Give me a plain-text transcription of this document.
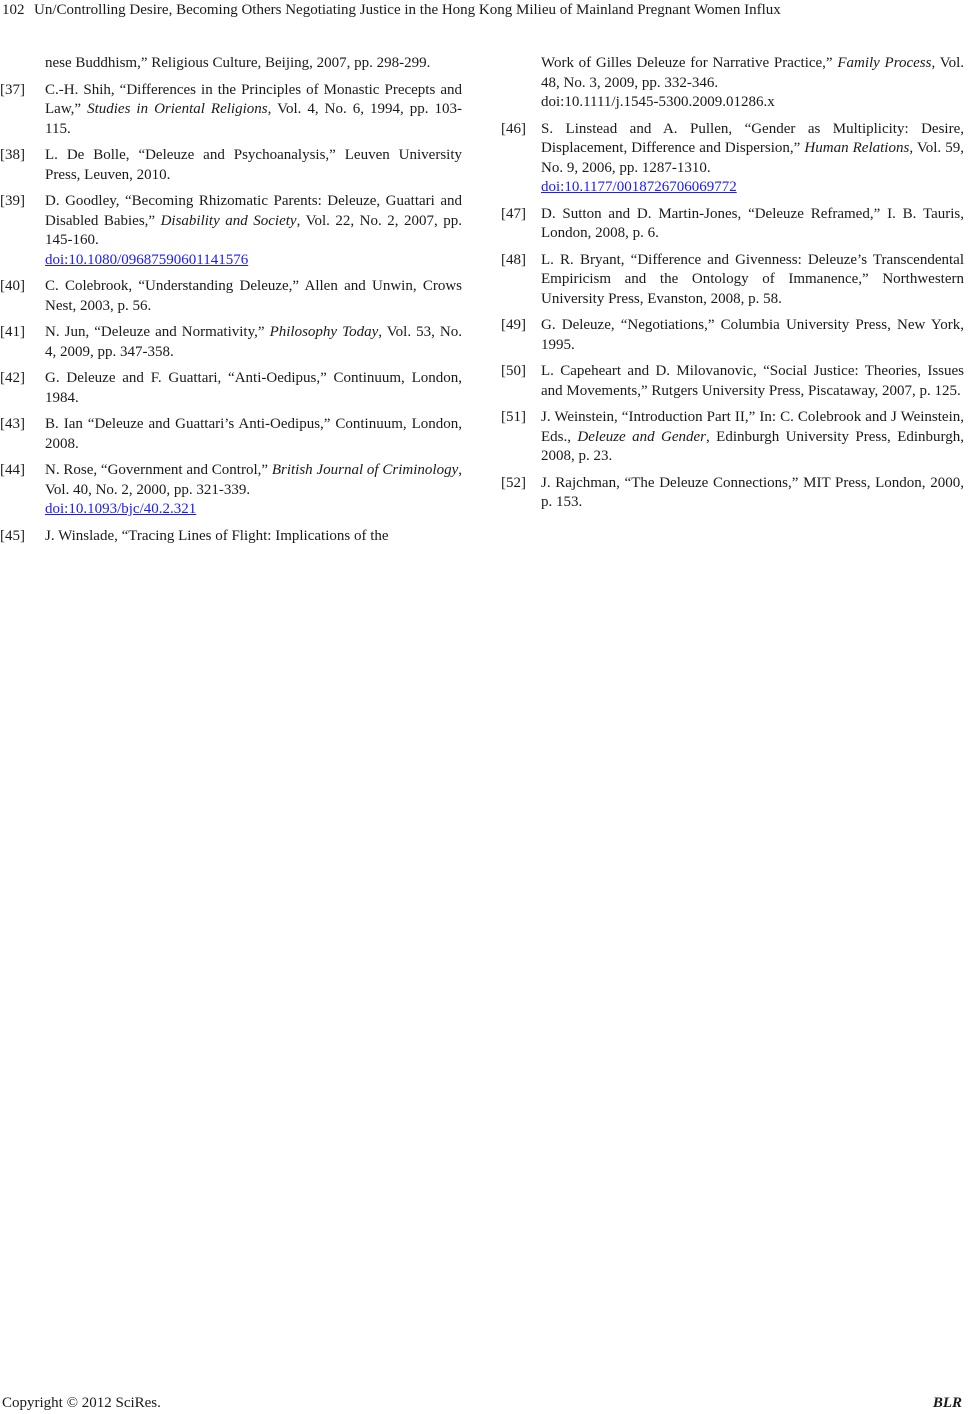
102 Un/Controlling Desire, Becoming Others Negotiating Justice in the Hong Kong Milieu of Mainland Pregnant Women Influx
nese Buddhism,” Religious Culture, Beijing, 2007, pp. 298-299.
[37] C.-H. Shih, “Differences in the Principles of Monastic Precepts and Law,” Studies in Oriental Religions, Vol. 4, No. 6, 1994, pp. 103-115.
[38] L. De Bolle, “Deleuze and Psychoanalysis,” Leuven University Press, Leuven, 2010.
[39] D. Goodley, “Becoming Rhizomatic Parents: Deleuze, Guattari and Disabled Babies,” Disability and Society, Vol. 22, No. 2, 2007, pp. 145-160.
doi:10.1080/09687590601141576
[40] C. Colebrook, “Understanding Deleuze,” Allen and Unwin, Crows Nest, 2003, p. 56.
[41] N. Jun, “Deleuze and Normativity,” Philosophy Today, Vol. 53, No. 4, 2009, pp. 347-358.
[42] G. Deleuze and F. Guattari, “Anti-Oedipus,” Continuum, London, 1984.
[43] B. Ian “Deleuze and Guattari’s Anti-Oedipus,” Continuum, London, 2008.
[44] N. Rose, “Government and Control,” British Journal of Criminology, Vol. 40, No. 2, 2000, pp. 321-339.
doi:10.1093/bjc/40.2.321
[45] J. Winslade, “Tracing Lines of Flight: Implications of the
Work of Gilles Deleuze for Narrative Practice,” Family Process, Vol. 48, No. 3, 2009, pp. 332-346.
doi:10.1111/j.1545-5300.2009.01286.x
[46] S. Linstead and A. Pullen, “Gender as Multiplicity: Desire, Displacement, Difference and Dispersion,” Human Relations, Vol. 59, No. 9, 2006, pp. 1287-1310.
doi:10.1177/0018726706069772
[47] D. Sutton and D. Martin-Jones, “Deleuze Reframed,” I. B. Tauris, London, 2008, p. 6.
[48] L. R. Bryant, “Difference and Givenness: Deleuze’s Transcendental Empiricism and the Ontology of Immanence,” Northwestern University Press, Evanston, 2008, p. 58.
[49] G. Deleuze, “Negotiations,” Columbia University Press, New York, 1995.
[50] L. Capeheart and D. Milovanovic, “Social Justice: Theories, Issues and Movements,” Rutgers University Press, Piscataway, 2007, p. 125.
[51] J. Weinstein, “Introduction Part II,” In: C. Colebrook and J Weinstein, Eds., Deleuze and Gender, Edinburgh University Press, Edinburgh, 2008, p. 23.
[52] J. Rajchman, “The Deleuze Connections,” MIT Press, London, 2000, p. 153.
Copyright © 2012 SciRes.	BLR
